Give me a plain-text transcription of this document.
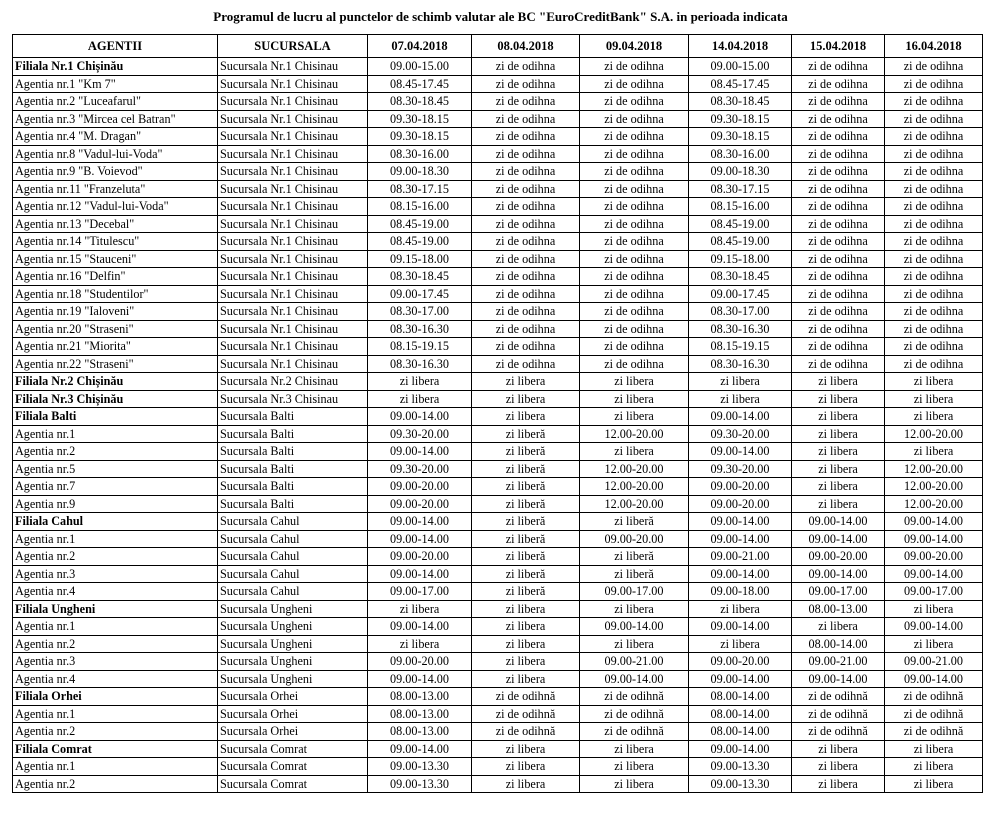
Programul de lucru al punctelor de schimb valutar ale BC "EuroCreditBank" S.A. in perioada indicata
AGENTII	SUCURSALA	07.04.2018	08.04.2018	09.04.2018	14.04.2018	15.04.2018	16.04.2018
Filiala Nr.1 Chișinău	Sucursala Nr.1 Chisinau	09.00-15.00	zi de odihna	zi de odihna	09.00-15.00	zi de odihna	zi de odihna
Agentia nr.1 "Km 7"	Sucursala Nr.1 Chisinau	08.45-17.45	zi de odihna	zi de odihna	08.45-17.45	zi de odihna	zi de odihna
Agentia nr.2 "Luceafarul"	Sucursala Nr.1 Chisinau	08.30-18.45	zi de odihna	zi de odihna	08.30-18.45	zi de odihna	zi de odihna
Agentia nr.3 "Mircea cel Batran"	Sucursala Nr.1 Chisinau	09.30-18.15	zi de odihna	zi de odihna	09.30-18.15	zi de odihna	zi de odihna
Agentia nr.4 "M. Dragan"	Sucursala Nr.1 Chisinau	09.30-18.15	zi de odihna	zi de odihna	09.30-18.15	zi de odihna	zi de odihna
Agentia nr.8 "Vadul-lui-Voda"	Sucursala Nr.1 Chisinau	08.30-16.00	zi de odihna	zi de odihna	08.30-16.00	zi de odihna	zi de odihna
Agentia nr.9 "B. Voievod"	Sucursala Nr.1 Chisinau	09.00-18.30	zi de odihna	zi de odihna	09.00-18.30	zi de odihna	zi de odihna
Agentia nr.11 "Franzeluta"	Sucursala Nr.1 Chisinau	08.30-17.15	zi de odihna	zi de odihna	08.30-17.15	zi de odihna	zi de odihna
Agentia nr.12 "Vadul-lui-Voda"	Sucursala Nr.1 Chisinau	08.15-16.00	zi de odihna	zi de odihna	08.15-16.00	zi de odihna	zi de odihna
Agentia nr.13 "Decebal"	Sucursala Nr.1 Chisinau	08.45-19.00	zi de odihna	zi de odihna	08.45-19.00	zi de odihna	zi de odihna
Agentia nr.14 "Titulescu"	Sucursala Nr.1 Chisinau	08.45-19.00	zi de odihna	zi de odihna	08.45-19.00	zi de odihna	zi de odihna
Agentia nr.15 "Stauceni"	Sucursala Nr.1 Chisinau	09.15-18.00	zi de odihna	zi de odihna	09.15-18.00	zi de odihna	zi de odihna
Agentia nr.16 "Delfin"	Sucursala Nr.1 Chisinau	08.30-18.45	zi de odihna	zi de odihna	08.30-18.45	zi de odihna	zi de odihna
Agentia nr.18 "Studentilor"	Sucursala Nr.1 Chisinau	09.00-17.45	zi de odihna	zi de odihna	09.00-17.45	zi de odihna	zi de odihna
Agentia nr.19 "Ialoveni"	Sucursala Nr.1 Chisinau	08.30-17.00	zi de odihna	zi de odihna	08.30-17.00	zi de odihna	zi de odihna
Agentia nr.20 "Straseni"	Sucursala Nr.1 Chisinau	08.30-16.30	zi de odihna	zi de odihna	08.30-16.30	zi de odihna	zi de odihna
Agentia nr.21 "Miorita"	Sucursala Nr.1 Chisinau	08.15-19.15	zi de odihna	zi de odihna	08.15-19.15	zi de odihna	zi de odihna
Agentia nr.22 "Straseni"	Sucursala Nr.1 Chisinau	08.30-16.30	zi de odihna	zi de odihna	08.30-16.30	zi de odihna	zi de odihna
Filiala Nr.2 Chișinău	Sucursala Nr.2 Chisinau	zi libera	zi libera	zi libera	zi libera	zi libera	zi libera
Filiala Nr.3 Chișinău	Sucursala Nr.3 Chisinau	zi libera	zi libera	zi libera	zi libera	zi libera	zi libera
Filiala Balti	Sucursala Balti	09.00-14.00	zi libera	zi libera	09.00-14.00	zi libera	zi libera
Agentia nr.1	Sucursala Balti	09.30-20.00	zi liberă	12.00-20.00	09.30-20.00	zi libera	12.00-20.00
Agentia nr.2	Sucursala Balti	09.00-14.00	zi liberă	zi libera	09.00-14.00	zi libera	zi libera
Agentia nr.5	Sucursala Balti	09.30-20.00	zi liberă	12.00-20.00	09.30-20.00	zi libera	12.00-20.00
Agentia nr.7	Sucursala Balti	09.00-20.00	zi liberă	12.00-20.00	09.00-20.00	zi libera	12.00-20.00
Agentia nr.9	Sucursala Balti	09.00-20.00	zi liberă	12.00-20.00	09.00-20.00	zi libera	12.00-20.00
Filiala Cahul	Sucursala Cahul	09.00-14.00	zi liberă	zi liberă	09.00-14.00	09.00-14.00	09.00-14.00
Agentia nr.1	Sucursala Cahul	09.00-14.00	zi liberă	09.00-20.00	09.00-14.00	09.00-14.00	09.00-14.00
Agentia nr.2	Sucursala Cahul	09.00-20.00	zi liberă	zi liberă	09.00-21.00	09.00-20.00	09.00-20.00
Agentia nr.3	Sucursala Cahul	09.00-14.00	zi liberă	zi liberă	09.00-14.00	09.00-14.00	09.00-14.00
Agentia nr.4	Sucursala Cahul	09.00-17.00	zi liberă	09.00-17.00	09.00-18.00	09.00-17.00	09.00-17.00
Filiala Ungheni	Sucursala Ungheni	zi libera	zi libera	zi libera	zi libera	08.00-13.00	zi libera
Agentia nr.1	Sucursala Ungheni	09.00-14.00	zi libera	09.00-14.00	09.00-14.00	zi libera	09.00-14.00
Agentia nr.2	Sucursala Ungheni	zi libera	zi libera	zi libera	zi libera	08.00-14.00	zi libera
Agentia nr.3	Sucursala Ungheni	09.00-20.00	zi libera	09.00-21.00	09.00-20.00	09.00-21.00	09.00-21.00
Agentia nr.4	Sucursala Ungheni	09.00-14.00	zi libera	09.00-14.00	09.00-14.00	09.00-14.00	09.00-14.00
Filiala Orhei	Sucursala Orhei	08.00-13.00	zi de odihnă	zi de odihnă	08.00-14.00	zi de odihnă	zi de odihnă
Agentia nr.1	Sucursala Orhei	08.00-13.00	zi de odihnă	zi de odihnă	08.00-14.00	zi de odihnă	zi de odihnă
Agentia nr.2	Sucursala Orhei	08.00-13.00	zi de odihnă	zi de odihnă	08.00-14.00	zi de odihnă	zi de odihnă
Filiala Comrat	Sucursala Comrat	09.00-14.00	zi libera	zi libera	09.00-14.00	zi libera	zi libera
Agentia nr.1	Sucursala Comrat	09.00-13.30	zi libera	zi libera	09.00-13.30	zi libera	zi libera
Agentia nr.2	Sucursala Comrat	09.00-13.30	zi libera	zi libera	09.00-13.30	zi libera	zi libera
